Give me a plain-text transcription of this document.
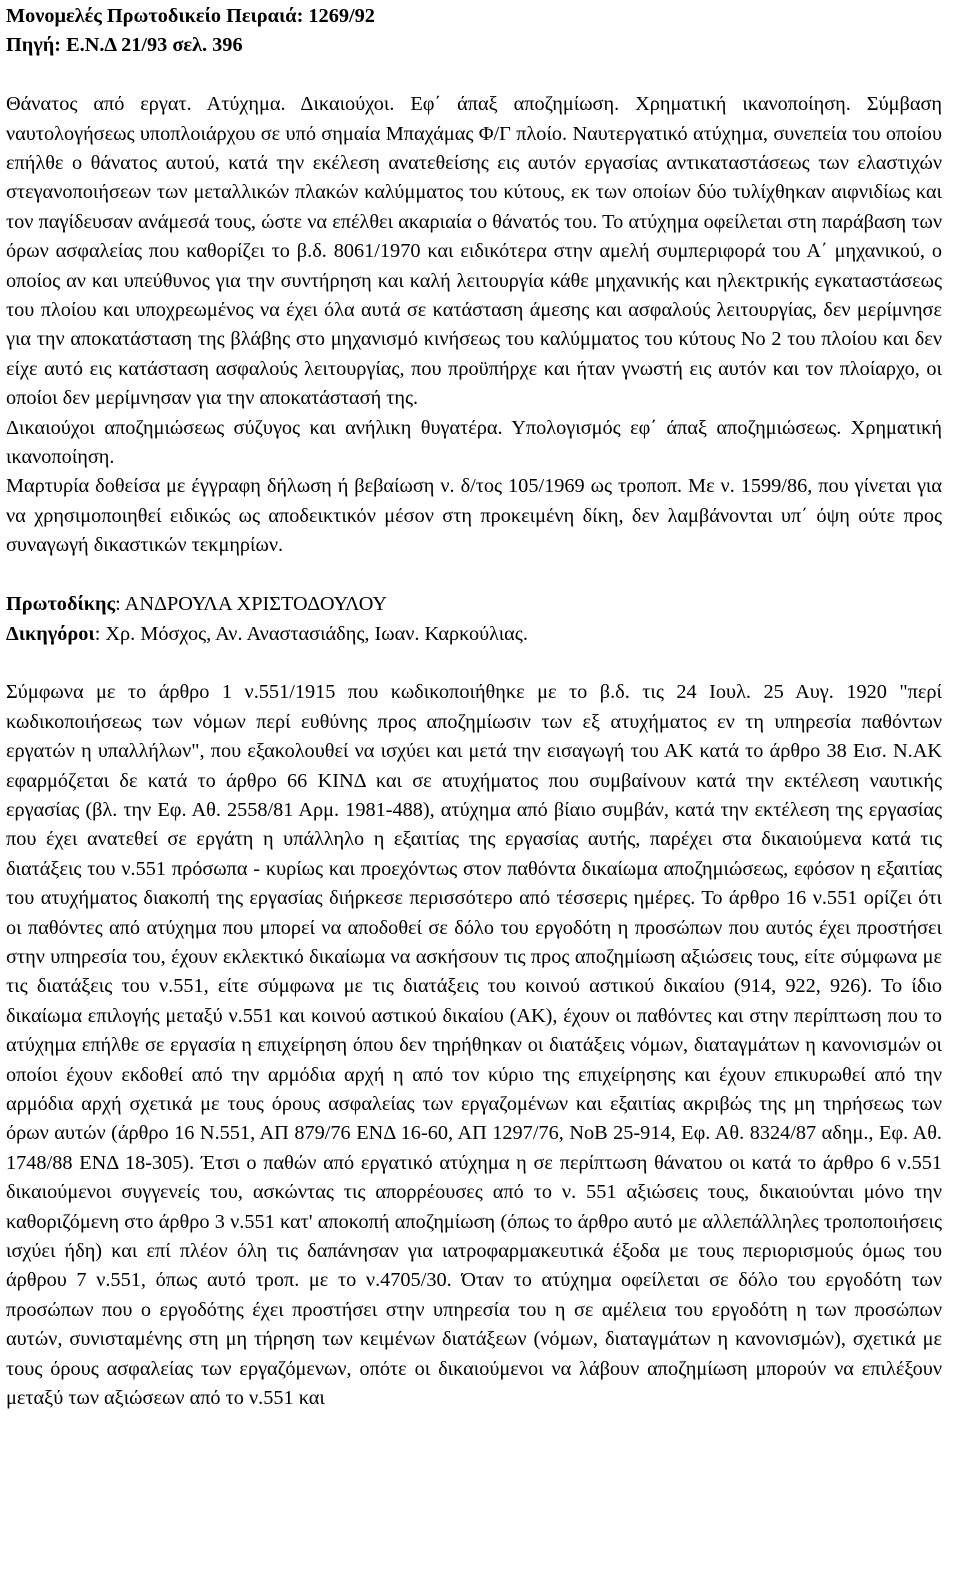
Μονομελές Πρωτοδικείο Πειραιά: 1269/92

Πηγή: Ε.Ν.Δ 21/93 σελ. 396

Θάνατος από εργατ. Ατύχημα. Δικαιούχοι. Εφ΄ άπαξ αποζημίωση. Χρηματική ικανοποίηση. Σύμβαση ναυτολογήσεως υποπλοιάρχου σε υπό σημαία Μπαχάμας Φ/Γ πλοίο. Ναυτεργατικό ατύχημα, συνεπεία του οποίου επήλθε ο θάνατος αυτού, κατά την εκέλεση ανατεθείσης εις αυτόν εργασίας αντικαταστάσεως των ελαστιχών στεγανοποιήσεων των μεταλλικών πλακών καλύμματος του κύτους, εκ των οποίων δύο τυλίχθηκαν αιφνιδίως και τον παγίδευσαν ανάμεσά τους, ώστε να επέλθει ακαριαία ο θάνατός του. Το ατύχημα οφείλεται στη παράβαση των όρων ασφαλείας που καθορίζει το β.δ. 8061/1970 και ειδικότερα στην αμελή συμπεριφορά του Α΄ μηχανικού, ο οποίος αν και υπεύθυνος για την συντήρηση και καλή λειτουργία κάθε μηχανικής και ηλεκτρικής εγκαταστάσεως του πλοίου και υποχρεωμένος να έχει όλα αυτά σε κατάσταση άμεσης και ασφαλούς λειτουργίας, δεν μερίμνησε για την αποκατάσταση της βλάβης στο μηχανισμό κινήσεως του καλύμματος του κύτους Νο 2 του πλοίου και δεν είχε αυτό εις κατάσταση ασφαλούς λειτουργίας, που προϋπήρχε και ήταν γνωστή εις αυτόν και τον πλοίαρχο, οι οποίοι δεν μερίμνησαν για την αποκατάστασή της.

Δικαιούχοι αποζημιώσεως σύζυγος και ανήλικη θυγατέρα. Υπολογισμός εφ΄ άπαξ αποζημιώσεως. Χρηματική ικανοποίηση.

Μαρτυρία δοθείσα με έγγραφη δήλωση ή βεβαίωση ν. δ/τος 105/1969 ως τροποπ. Με ν. 1599/86, που γίνεται για να χρησιμοποιηθεί ειδικώς ως αποδεικτικόν μέσον στη προκειμένη δίκη, δεν λαμβάνονται υπ΄ όψη ούτε προς συναγωγή δικαστικών τεκμηρίων.

Πρωτοδίκης: ΑΝΔΡΟΥΛΑ ΧΡΙΣΤΟΔΟΥΛΟΥ

Δικηγόροι: Χρ. Μόσχος, Αν. Αναστασιάδης, Ιωαν. Καρκούλιας.

Σύμφωνα με το άρθρο 1 ν.551/1915 που κωδικοποιήθηκε με το β.δ. τις 24 Ιουλ. 25 Αυγ. 1920 "περί κωδικοποιήσεως των νόμων περί ευθύνης προς αποζημίωσιν των εξ ατυχήματος εν τη υπηρεσία παθόντων εργατών η υπαλλήλων", που εξακολουθεί να ισχύει και μετά την εισαγωγή του ΑΚ κατά το άρθρο 38 Εισ. Ν.ΑΚ εφαρμόζεται δε κατά το άρθρο 66 ΚΙΝΔ και σε ατυχήματος που συμβαίνουν κατά την εκτέλεση ναυτικής εργασίας (βλ. την Εφ. Αθ. 2558/81 Αρμ. 1981-488), ατύχημα από βίαιο συμβάν, κατά την εκτέλεση της εργασίας που έχει ανατεθεί σε εργάτη η υπάλληλο η εξαιτίας της εργασίας αυτής, παρέχει στα δικαιούμενα κατά τις διατάξεις του ν.551 πρόσωπα - κυρίως και προεχόντως στον παθόντα δικαίωμα αποζημιώσεως, εφόσον η εξαιτίας του ατυχήματος διακοπή της εργασίας διήρκεσε περισσότερο από τέσσερις ημέρες. Το άρθρο 16 ν.551 ορίζει ότι οι παθόντες από ατύχημα που μπορεί να αποδοθεί σε δόλο του εργοδότη η προσώπων που αυτός έχει προστήσει στην υπηρεσία του, έχουν εκλεκτικό δικαίωμα να ασκήσουν τις προς αποζημίωση αξιώσεις τους, είτε σύμφωνα με τις διατάξεις του ν.551, είτε σύμφωνα με τις διατάξεις του κοινού αστικού δικαίου (914, 922, 926). Το ίδιο δικαίωμα επιλογής μεταξύ ν.551 και κοινού αστικού δικαίου (ΑΚ), έχουν οι παθόντες και στην περίπτωση που το ατύχημα επήλθε σε εργασία η επιχείρηση όπου δεν τηρήθηκαν οι διατάξεις νόμων, διαταγμάτων η κανονισμών οι οποίοι έχουν εκδοθεί από την αρμόδια αρχή η από τον κύριο της επιχείρησης και έχουν επικυρωθεί από την αρμόδια αρχή σχετικά με τους όρους ασφαλείας των εργαζομένων και εξαιτίας ακριβώς της μη τηρήσεως των όρων αυτών (άρθρο 16 Ν.551, ΑΠ 879/76 ΕΝΔ 16-60, ΑΠ 1297/76, ΝοΒ 25-914, Εφ. Αθ. 8324/87 αδημ., Εφ. Αθ. 1748/88 ΕΝΔ 18-305). Έτσι ο παθών από εργατικό ατύχημα η σε περίπτωση θάνατου οι κατά το άρθρο 6 ν.551 δικαιούμενοι συγγενείς του, ασκώντας τις απορρέουσες από το ν. 551 αξιώσεις τους, δικαιούνται μόνο την καθοριζόμενη στο άρθρο 3 ν.551 κατ' αποκοπή αποζημίωση (όπως το άρθρο αυτό με αλλεπάλληλες τροποποιήσεις ισχύει ήδη) και επί πλέον όλη τις δαπάνησαν για ιατροφαρμακευτικά έξοδα με τους περιορισμούς όμως του άρθρου 7 ν.551, όπως αυτό τροπ. με το ν.4705/30. Όταν το ατύχημα οφείλεται σε δόλο του εργοδότη των προσώπων που ο εργοδότης έχει προστήσει στην υπηρεσία του η σε αμέλεια του εργοδότη η των προσώπων αυτών, συνισταμένης στη μη τήρηση των κειμένων διατάξεων (νόμων, διαταγμάτων η κανονισμών), σχετικά με τους όρους ασφαλείας των εργαζόμενων, οπότε οι δικαιούμενοι να λάβουν αποζημίωση μπορούν να επιλέξουν μεταξύ των αξιώσεων από το ν.551 και
